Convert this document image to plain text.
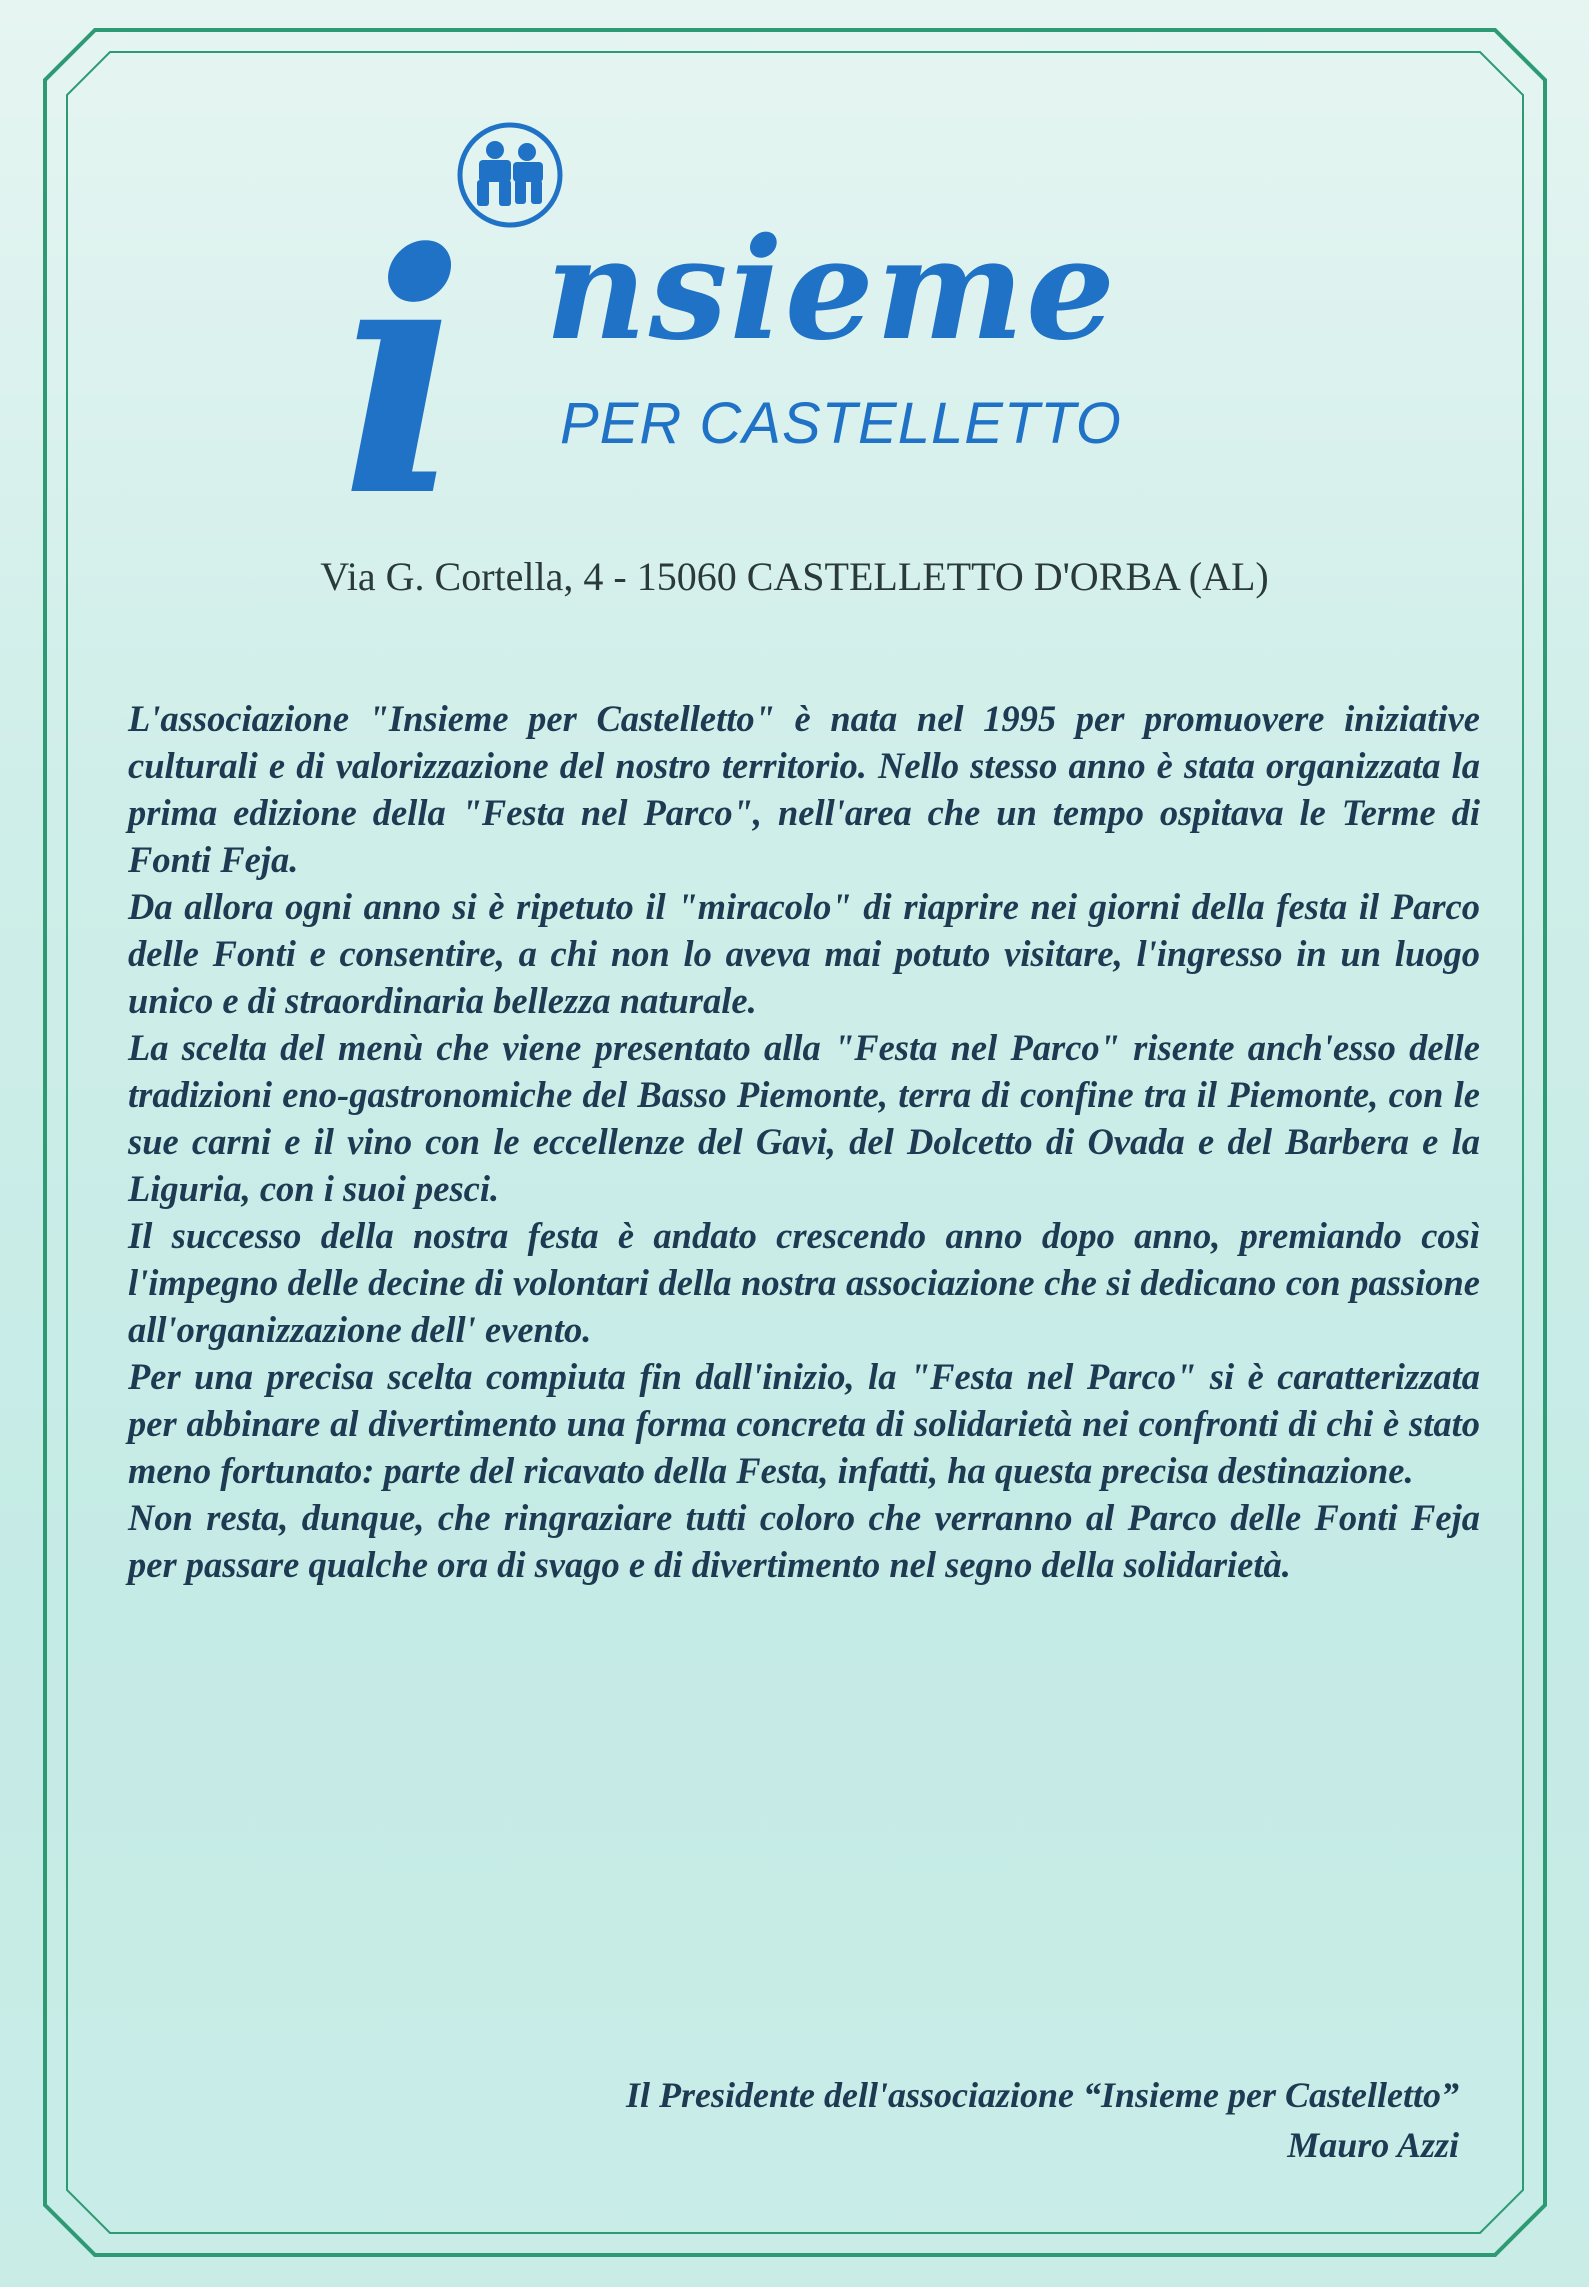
i nsieme
PER CASTELLETTO
Via G. Cortella, 4 - 15060 CASTELLETTO D'ORBA (AL)

L'associazione "Insieme per Castelletto" è nata nel 1995 per promuovere iniziative culturali e di valorizzazione del nostro territorio. Nello stesso anno è stata organizzata la prima edizione della "Festa nel Parco", nell'area che un tempo ospitava le Terme di Fonti Feja.

Da allora ogni anno si è ripetuto il "miracolo" di riaprire nei giorni della festa il Parco delle Fonti e consentire, a chi non lo aveva mai potuto visitare, l'ingresso in un luogo unico e di straordinaria bellezza naturale.

La scelta del menù che viene presentato alla "Festa nel Parco" risente anch'esso delle tradizioni eno-gastronomiche del Basso Piemonte, terra di confine tra il Piemonte, con le sue carni e il vino con le eccellenze del Gavi, del Dolcetto di Ovada e del Barbera e la Liguria, con i suoi pesci.

Il successo della nostra festa è andato crescendo anno dopo anno, premiando così l'impegno delle decine di volontari della nostra associazione che si dedicano con passione all'organizzazione dell' evento.

Per una precisa scelta compiuta fin dall'inizio, la "Festa nel Parco" si è caratterizzata per abbinare al divertimento una forma concreta di solidarietà nei confronti di chi è stato meno fortunato: parte del ricavato della Festa, infatti, ha questa precisa destinazione.

Non resta, dunque, che ringraziare tutti coloro che verranno al Parco delle Fonti Feja per passare qualche ora di svago e di divertimento nel segno della solidarietà.

Il Presidente dell'associazione “Insieme per Castelletto”
Mauro Azzi
